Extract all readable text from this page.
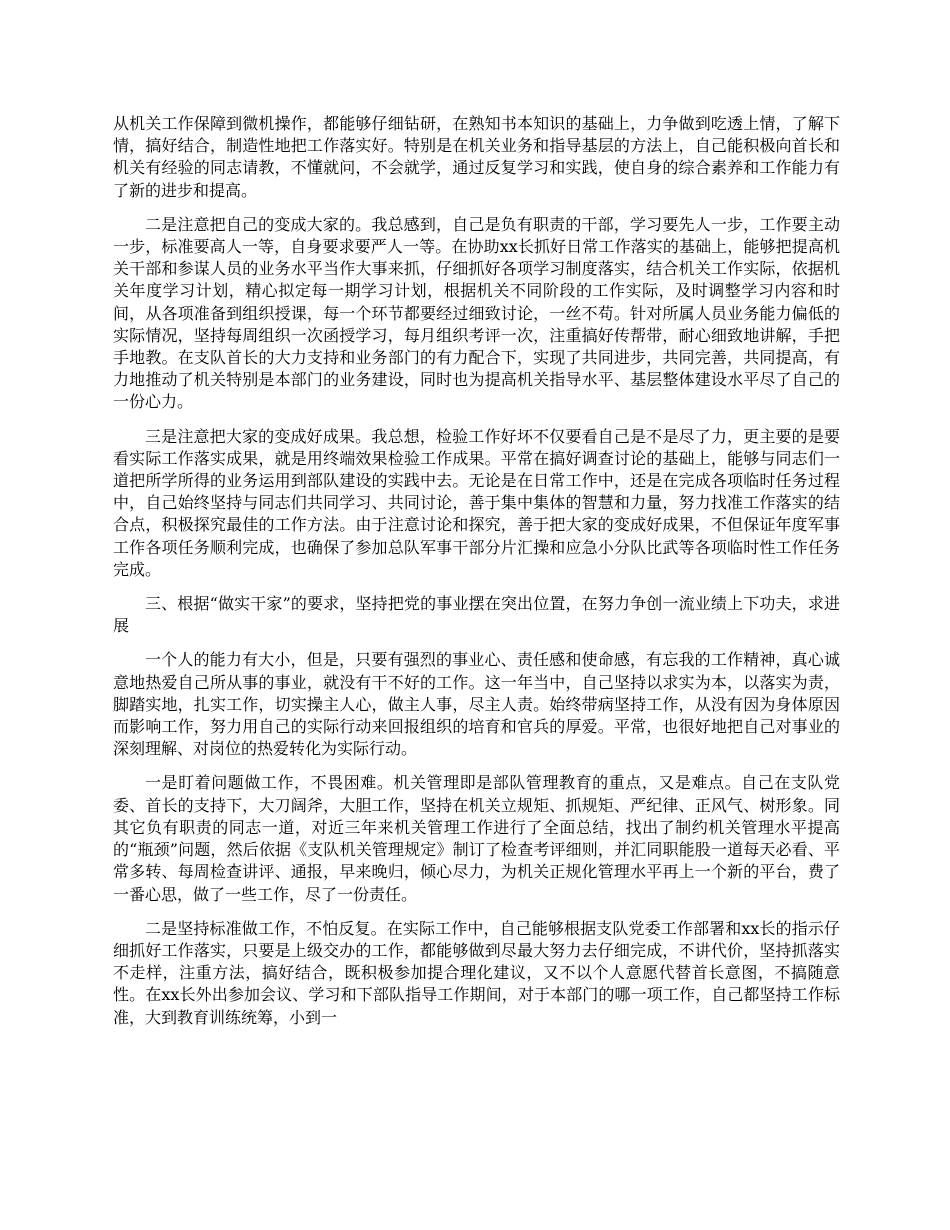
从机关工作保障到微机操作，都能够仔细钻研，在熟知书本知识的基础上，力争做到吃透上情，了解下情，搞好结合，制造性地把工作落实好。特别是在机关业务和指导基层的方法上，自己能积极向首长和机关有经验的同志请教，不懂就问，不会就学，通过反复学习和实践，使自身的综合素养和工作能力有了新的进步和提高。

二是注意把自己的变成大家的。我总感到，自己是负有职责的干部，学习要先人一步，工作要主动一步，标准要高人一等，自身要求要严人一等。在协助xx长抓好日常工作落实的基础上，能够把提高机关干部和参谋人员的业务水平当作大事来抓，仔细抓好各项学习制度落实，结合机关工作实际，依据机关年度学习计划，精心拟定每一期学习计划，根据机关不同阶段的工作实际，及时调整学习内容和时间，从各项准备到组织授课，每一个环节都要经过细致讨论，一丝不苟。针对所属人员业务能力偏低的实际情况，坚持每周组织一次函授学习，每月组织考评一次，注重搞好传帮带，耐心细致地讲解，手把手地教。在支队首长的大力支持和业务部门的有力配合下，实现了共同进步，共同完善，共同提高，有力地推动了机关特别是本部门的业务建设，同时也为提高机关指导水平、基层整体建设水平尽了自己的一份心力。

三是注意把大家的变成好成果。我总想，检验工作好坏不仅要看自己是不是尽了力，更主要的是要看实际工作落实成果，就是用终端效果检验工作成果。平常在搞好调查讨论的基础上，能够与同志们一道把所学所得的业务运用到部队建设的实践中去。无论是在日常工作中，还是在完成各项临时任务过程中，自己始终坚持与同志们共同学习、共同讨论，善于集中集体的智慧和力量，努力找准工作落实的结合点，积极探究最佳的工作方法。由于注意讨论和探究，善于把大家的变成好成果，不但保证年度军事工作各项任务顺利完成，也确保了参加总队军事干部分片汇操和应急小分队比武等各项临时性工作任务完成。

三、根据“做实干家”的要求，坚持把党的事业摆在突出位置，在努力争创一流业绩上下功夫，求进展

一个人的能力有大小，但是，只要有强烈的事业心、责任感和使命感，有忘我的工作精神，真心诚意地热爱自己所从事的事业，就没有干不好的工作。这一年当中，自己坚持以求实为本，以落实为责，脚踏实地，扎实工作，切实操主人心，做主人事，尽主人责。始终带病坚持工作，从没有因为身体原因而影响工作，努力用自己的实际行动来回报组织的培育和官兵的厚爱。平常，也很好地把自己对事业的深刻理解、对岗位的热爱转化为实际行动。

一是盯着问题做工作，不畏困难。机关管理即是部队管理教育的重点，又是难点。自己在支队党委、首长的支持下，大刀阔斧，大胆工作，坚持在机关立规矩、抓规矩、严纪律、正风气、树形象。同其它负有职责的同志一道，对近三年来机关管理工作进行了全面总结，找出了制约机关管理水平提高的“瓶颈”问题，然后依据《支队机关管理规定》制订了检查考评细则，并汇同职能股一道每天必看、平常多转、每周检查讲评、通报，早来晚归，倾心尽力，为机关正规化管理水平再上一个新的平台，费了一番心思，做了一些工作，尽了一份责任。

二是坚持标准做工作，不怕反复。在实际工作中，自己能够根据支队党委工作部署和xx长的指示仔细抓好工作落实，只要是上级交办的工作，都能够做到尽最大努力去仔细完成，不讲代价，坚持抓落实不走样，注重方法，搞好结合，既积极参加提合理化建议，又不以个人意愿代替首长意图，不搞随意性。在xx长外出参加会议、学习和下部队指导工作期间，对于本部门的哪一项工作，自己都坚持工作标准，大到教育训练统筹，小到一
